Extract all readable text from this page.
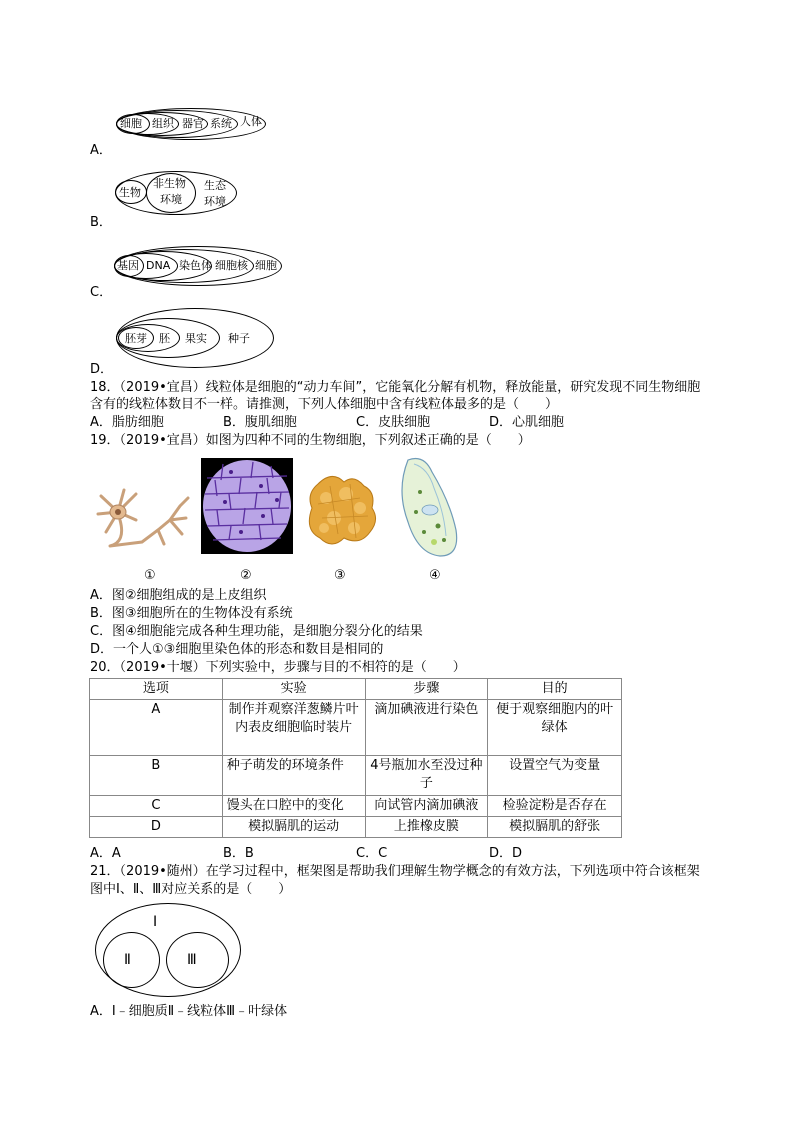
细胞 组织 器官 系统 人体
A．
生物
非生物
环境
生态
环境
B．
基因 DNA 染色体 细胞核 细胞
C．
胚芽 胚 果实 种子
D．
18．（2019•宜昌）线粒体是细胞的“动力车间”，它能氧化分解有机物，释放能量，研究发现不同生物细胞
含有的线粒体数目不一样。请推测，下列人体细胞中含有线粒体最多的是（　　）
A．脂肪细胞	B．腹肌细胞	C．皮肤细胞	D．心肌细胞
19．（2019•宜昌）如图为四种不同的生物细胞，下列叙述正确的是（　　）
①	②	③	④
A．图②细胞组成的是上皮组织
B．图③细胞所在的生物体没有系统
C．图④细胞能完成各种生理功能，是细胞分裂分化的结果
D．一个人①③细胞里染色体的形态和数目是相同的
20．（2019•十堰）下列实验中，步骤与目的不相符的是（　　）
选项	实验	步骤	目的
A	制作并观察洋葱鳞片叶内表皮细胞临时装片	滴加碘液进行染色	便于观察细胞内的叶绿体
B	种子萌发的环境条件	4号瓶加水至没过种子	设置空气为变量
C	馒头在口腔中的变化	向试管内滴加碘液	检验淀粉是否存在
D	模拟膈肌的运动	上推橡皮膜	模拟膈肌的舒张
A．A	B．B	C．C	D．D
21．（2019•随州）在学习过程中，框架图是帮助我们理解生物学概念的有效方法，下列选项中符合该框架
图中Ⅰ、Ⅱ、Ⅲ对应关系的是（　　）
Ⅰ
Ⅱ	Ⅲ
A．Ⅰ﹣细胞质Ⅱ﹣线粒体Ⅲ﹣叶绿体
